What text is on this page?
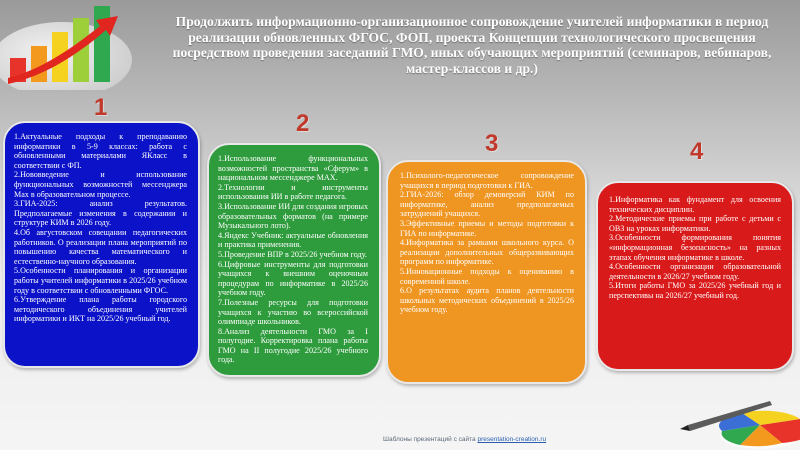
Продолжить информационно-организационное сопровождение учителей информатики в период реализации обновленных ФГОС, ФОП, проекта Концепции технологического просвещения посредством проведения заседаний ГМО, иных обучающих мероприятий (семинаров, вебинаров, мастер-классов и др.)
1
2
3	4

1.Актуальные подходы к преподаванию информатики в 5-9 классах: работа с обновленными материалами ЯКласс в соответствии с ФП.

2.Нововведение и использование функциональных возможностей мессенджера Мах в образовательном процессе.

3.ГИА-2025: анализ результатов. Предполагаемые изменения в содержании и структуре КИМ в 2026 году.

4.Об августовском совещании педагогических работников. О реализации плана мероприятий по повышению качества математического и естественно-научного образования.

5.Особенности планирования и организации работы учителей информатики в 2025/26 учебном году в соответствии с обновленными ФГОС.

6.Утверждение плана работы городского методического объединения учителей информатики и ИКТ на 2025/26 учебный год.

1.Использование функциональных возможностей пространства «Сферум» в национальном мессенджере МАХ.

2.Технологии и инструменты использования ИИ в работе педагога.

3.Использование ИИ для создания игровых образовательных форматов (на примере Музыкального лото).

4.Яндекс Учебник: актуальные обновления и практика применения.

5.Проведение ВПР в 2025/26 учебном году.

6.Цифровые инструменты для подготовки учащихся к внешним оценочным процедурам по информатике в 2025/26 учебном году.

7.Полезные ресурсы для подготовки учащихся к участию во всероссийской олимпиаде школьников.

8.Анализ деятельности ГМО за I полугодие. Корректировка плана работы ГМО на II полугодие 2025/26 учебного года.

1.Психолого-педагогическое сопровождение учащихся в период подготовки к ГИА.

2.ГИА-2026: обзор демоверсий КИМ по информатике, анализ предполагаемых затруднений учащихся.

3.Эффективные приемы и методы подготовки к ГИА по информатике.

4.Информатика за рамками школьного курса. О реализации дополнительных общеразвивающих программ по информатике.

5.Инновационные подходы к оцениванию в современной школе.

6.О результатах аудита планов деятельности школьных методических объединений в 2025/26 учебном году.

1.Информатика как фундамент для освоения технических дисциплин.

2.Методические приемы при работе с детьми с ОВЗ на уроках информатики.

3.Особенности формирования понятия «информационная безопасность» на разных этапах обучения информатике в школе.

4.Особенности организации образовательной деятельности в 2026/27 учебном году.

5.Итоги работы ГМО за 2025/26 учебный год и перспективы на 2026/27 учебный год.

Шаблоны презентаций с сайта presentation-creation.ru
